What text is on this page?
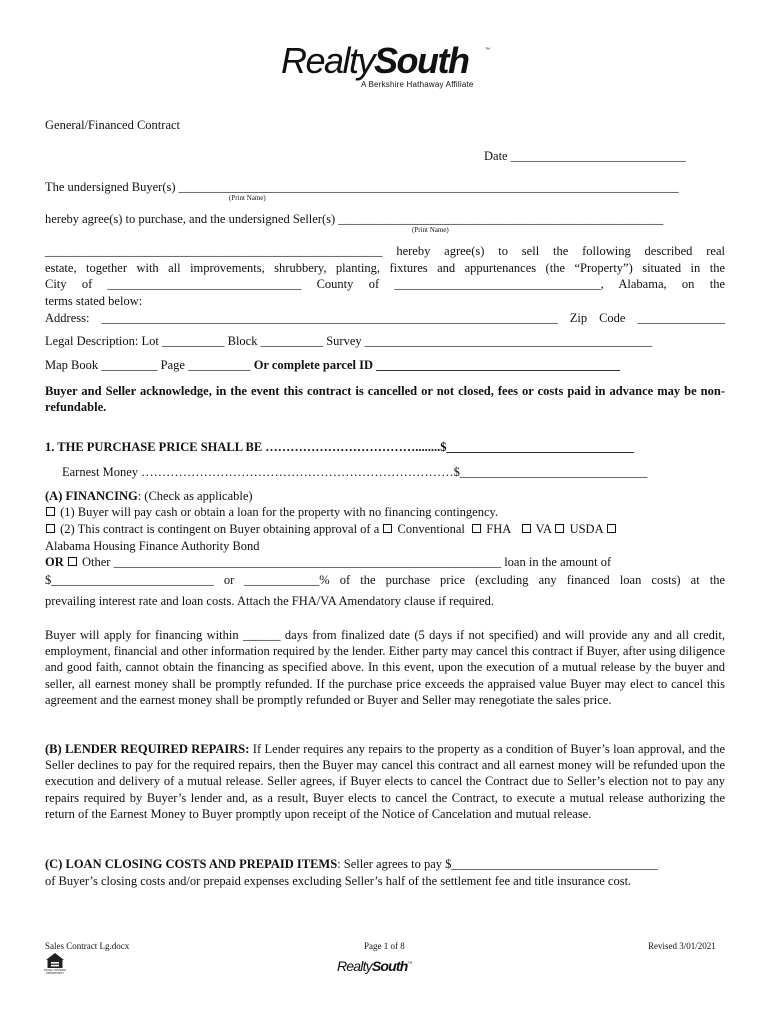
RealtySouth	™
A Berkshire Hathaway Affiliate
General/Financed Contract
Date ____________________________
The undersigned Buyer(s) ________________________________________________________________________________
(Print Name)
hereby agree(s) to purchase, and the undersigned Seller(s) ____________________________________________________
(Print Name)
______________________________________________________ hereby agree(s) to sell the following described real
estate, together with all improvements, shrubbery, planting, fixtures and appurtenances (the “Property”) situated in the
City of _______________________________ County of _________________________________, Alabama, on the
terms stated below:
Address: _________________________________________________________________________ Zip Code ______________
Legal Description: Lot __________ Block __________ Survey ______________________________________________
Map Book _________ Page __________ Or complete parcel ID _______________________________________
Buyer and Seller acknowledge, in the event this contract is cancelled or not closed, fees or costs paid in advance may be non-refundable.
1. THE PURCHASE PRICE SHALL BE ………………………………........$______________________________
Earnest Money …………………………………………………………………$______________________________
(A) FINANCING: (Check as applicable)
(1) Buyer will pay cash or obtain a loan for the property with no financing contingency.
(2) This contract is contingent on Buyer obtaining approval of a Conventional FHA VA USDA
Alabama Housing Finance Authority Bond
OR Other ______________________________________________________________ loan in the amount of
$__________________________ or ____________% of the purchase price (excluding any financed loan costs) at the
prevailing interest rate and loan costs. Attach the FHA/VA Amendatory clause if required.
Buyer will apply for financing within ______ days from finalized date (5 days if not specified) and will provide any and all credit, employment, financial and other information required by the lender. Either party may cancel this contract if Buyer, after using diligence and good faith, cannot obtain the financing as specified above. In this event, upon the execution of a mutual release by the buyer and seller, all earnest money shall be promptly refunded. If the purchase price exceeds the appraised value Buyer may elect to cancel this agreement and the earnest money shall be promptly refunded or Buyer and Seller may renegotiate the sales price.
(B) LENDER REQUIRED REPAIRS: If Lender requires any repairs to the property as a condition of Buyer’s loan approval, and the Seller declines to pay for the required repairs, then the Buyer may cancel this contract and all earnest money will be refunded upon the execution and delivery of a mutual release. Seller agrees, if Buyer elects to cancel the Contract due to Seller’s election not to pay any repairs required by Buyer’s lender and, as a result, Buyer elects to cancel the Contract, to execute a mutual release authorizing the return of the Earnest Money to Buyer promptly upon receipt of the Notice of Cancelation and mutual release.
(C) LOAN CLOSING COSTS AND PREPAID ITEMS: Seller agrees to pay $_________________________________
of Buyer’s closing costs and/or prepaid expenses excluding Seller’s half of the settlement fee and title insurance cost.
Sales Contract Lg.docx	Page 1 of 8	Revised 3/01/2021
EQUAL HOUSING OPPORTUNITY	RealtySouth™
